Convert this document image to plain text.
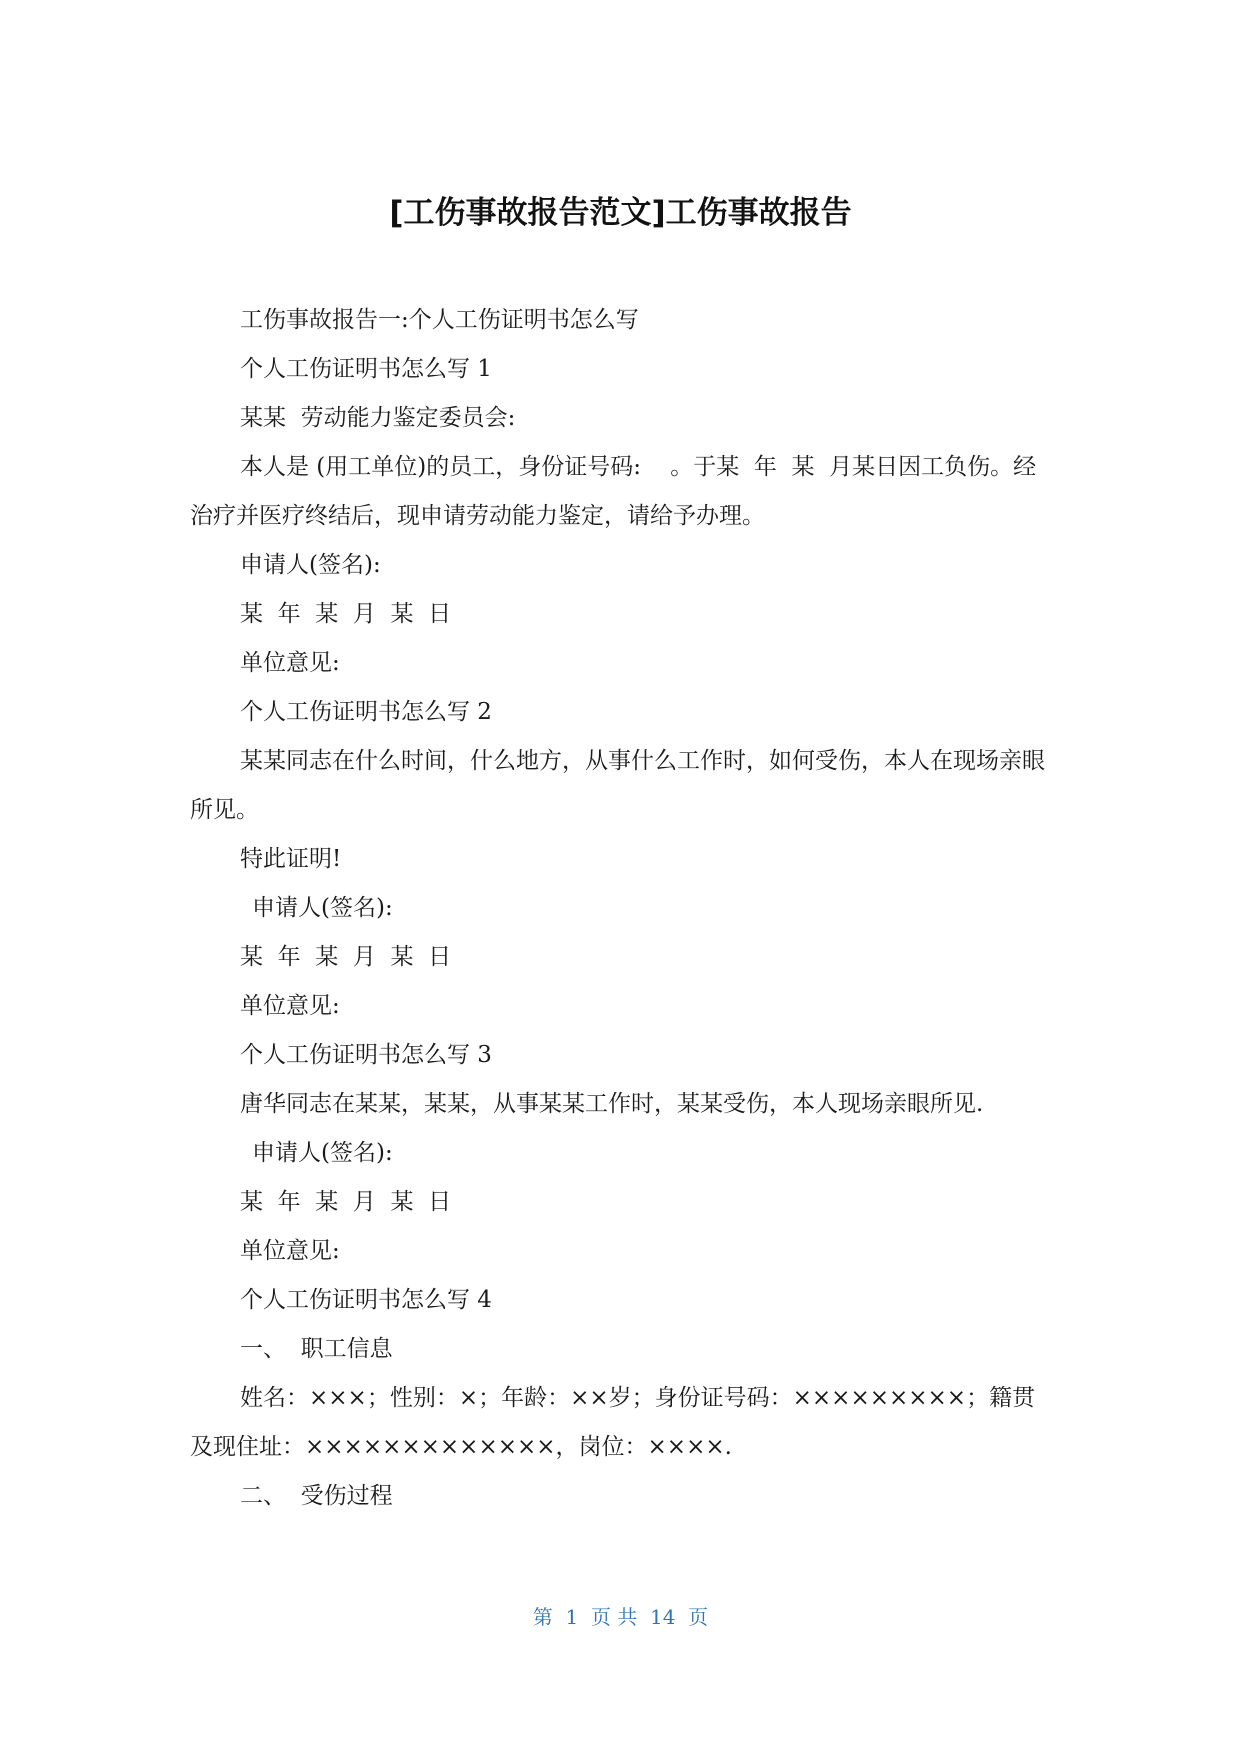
[工伤事故报告范文]工伤事故报告

工伤事故报告一:个人工伤证明书怎么写

个人工伤证明书怎么写 1

某某  劳动能力鉴定委员会:

本人是 (用工单位)的员工，身份证号码:    。于某  年  某  月某日因工负伤。经治疗并医疗终结后，现申请劳动能力鉴定，请给予办理。

申请人(签名):

某  年  某  月  某  日

单位意见:

个人工伤证明书怎么写 2

某某同志在什么时间，什么地方，从事什么工作时，如何受伤，本人在现场亲眼所见。

特此证明!

申请人(签名):

某  年  某  月  某  日

单位意见:

个人工伤证明书怎么写 3

唐华同志在某某，某某，从事某某工作时，某某受伤，本人现场亲眼所见.

申请人(签名):

某  年  某  月  某  日

单位意见:

个人工伤证明书怎么写 4

一、  职工信息

姓名：×××；性别：×；年龄：××岁；身份证号码：×××××××××；籍贯及现住址：×××××××××××××，岗位：××××.

二、  受伤过程

第  1  页 共  14  页
